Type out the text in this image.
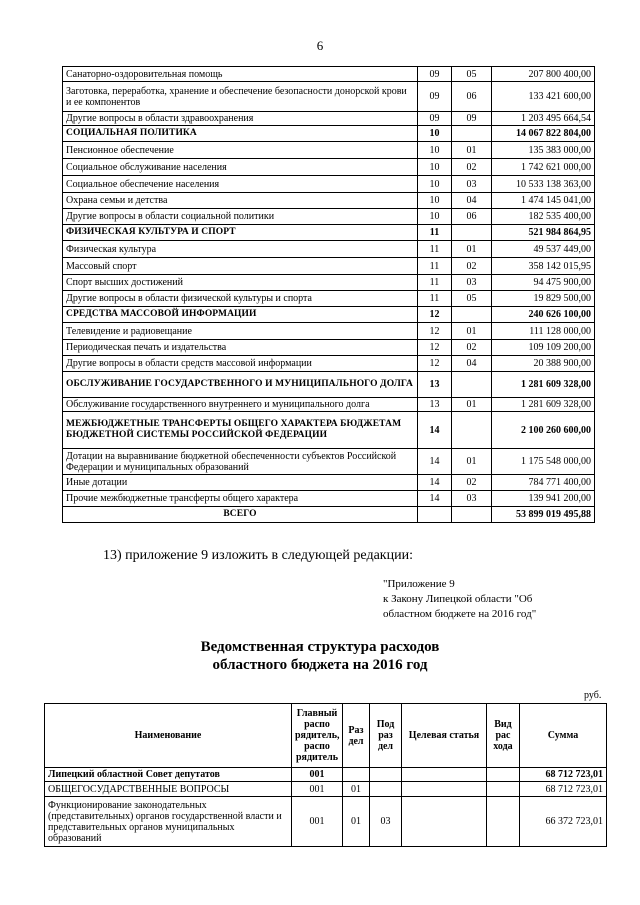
6
Санаторно-оздоровительная помощь	09	05	207 800 400,00
Заготовка, переработка, хранение и обеспечение безопасности донорской крови и ее компонентов	09	06	133 421 600,00
Другие вопросы в области здравоохранения	09	09	1 203 495 664,54
СОЦИАЛЬНАЯ ПОЛИТИКА	10		14 067 822 804,00
Пенсионное обеспечение	10	01	135 383 000,00
Социальное обслуживание населения	10	02	1 742 621 000,00
Социальное обеспечение населения	10	03	10 533 138 363,00
Охрана семьи и детства	10	04	1 474 145 041,00
Другие вопросы в области социальной политики	10	06	182 535 400,00
ФИЗИЧЕСКАЯ КУЛЬТУРА И СПОРТ	11		521 984 864,95
Физическая культура	11	01	49 537 449,00
Массовый спорт	11	02	358 142 015,95
Спорт высших достижений	11	03	94 475 900,00
Другие вопросы в области физической культуры и спорта	11	05	19 829 500,00
СРЕДСТВА МАССОВОЙ ИНФОРМАЦИИ	12		240 626 100,00
Телевидение и радиовещание	12	01	111 128 000,00
Периодическая печать и издательства	12	02	109 109 200,00
Другие вопросы в области средств массовой информации	12	04	20 388 900,00
ОБСЛУЖИВАНИЕ ГОСУДАРСТВЕННОГО И МУНИЦИПАЛЬНОГО ДОЛГА	13		1 281 609 328,00
Обслуживание государственного внутреннего и муниципального долга	13	01	1 281 609 328,00
МЕЖБЮДЖЕТНЫЕ ТРАНСФЕРТЫ ОБЩЕГО ХАРАКТЕРА БЮДЖЕТАМ БЮДЖЕТНОЙ СИСТЕМЫ РОССИЙСКОЙ ФЕДЕРАЦИИ	14		2 100 260 600,00
Дотации на выравнивание бюджетной обеспеченности субъектов Российской Федерации и муниципальных образований	14	01	1 175 548 000,00
Иные дотации	14	02	784 771 400,00
Прочие межбюджетные трансферты общего характера	14	03	139 941 200,00
ВСЕГО			53 899 019 495,88
13) приложение 9 изложить в следующей редакции:
"Приложение 9
к Закону Липецкой области "Об
областном бюджете на 2016 год"
Ведомственная структура расходов
областного бюджета на 2016 год
руб.
Наименование	Главный распо рядитель, распо рядитель	Раз дел	Под раз дел	Целевая статья	Вид рас хода	Сумма
Липецкий областной Совет депутатов	001					68 712 723,01
ОБЩЕГОСУДАРСТВЕННЫЕ ВОПРОСЫ	001	01				68 712 723,01
Функционирование законодательных (представительных) органов государственной власти и представительных органов муниципальных образований	001	01	03			66 372 723,01
